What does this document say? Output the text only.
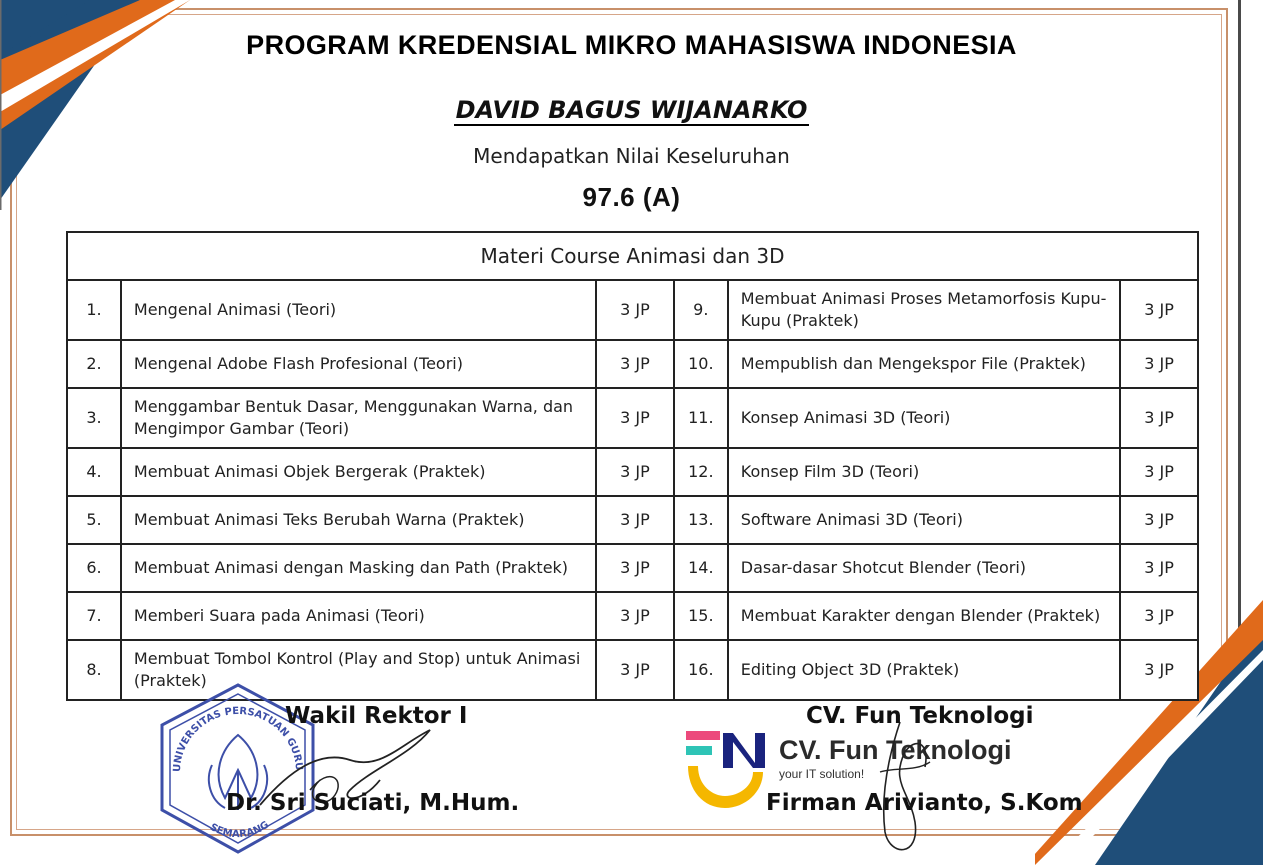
PROGRAM KREDENSIAL MIKRO MAHASISWA INDONESIA
DAVID BAGUS WIJANARKO
Mendapatkan Nilai Keseluruhan
97.6 (A)
Materi Course Animasi dan 3D					
1.	Mengenal Animasi (Teori)	3 JP	9.	Membuat Animasi Proses Metamorfosis Kupu-Kupu (Praktek)	3 JP
2.	Mengenal Adobe Flash Profesional (Teori)	3 JP	10.	Mempublish dan Mengekspor File (Praktek)	3 JP
3.	Menggambar Bentuk Dasar, Menggunakan Warna, dan Mengimpor Gambar (Teori)	3 JP	11.	Konsep Animasi 3D (Teori)	3 JP
4.	Membuat Animasi Objek Bergerak (Praktek)	3 JP	12.	Konsep Film 3D (Teori)	3 JP
5.	Membuat Animasi Teks Berubah Warna (Praktek)	3 JP	13.	Software Animasi 3D (Teori)	3 JP
6.	Membuat Animasi dengan Masking dan Path (Praktek)	3 JP	14.	Dasar-dasar Shotcut Blender (Teori)	3 JP
7.	Memberi Suara pada Animasi (Teori)	3 JP	15.	Membuat Karakter dengan Blender (Praktek)	3 JP
8.	Membuat Tombol Kontrol (Play and Stop) untuk Animasi (Praktek)	3 JP	16.	Editing Object 3D (Praktek)	3 JP
UNIVERSITAS PERSATUAN GURU
SEMARANG
Wakil Rektor I
Dr. Sri Suciati, M.Hum.
CV. Fun Teknologi
your IT solution!
CV. Fun Teknologi
Firman Arivianto, S.Kom
